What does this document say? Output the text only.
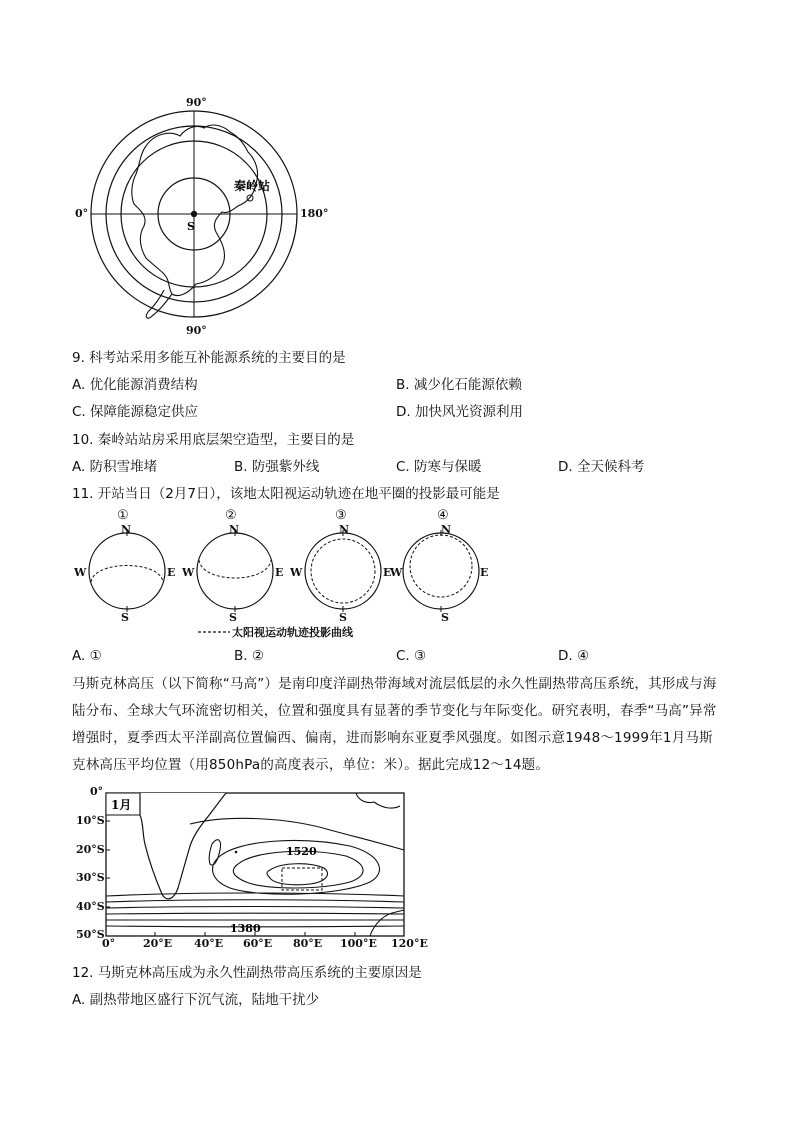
S
秦岭站
90°
90°
0°	180°
9. 科考站采用多能互补能源系统的主要目的是
A. 优化能源消费结构	B. 减少化石能源依赖
C. 保障能源稳定供应	D. 加快风光资源利用
10. 秦岭站站房采用底层架空造型，主要目的是
A. 防积雪堆堵	B. 防强紫外线	C. 防寒与保暖	D. 全天候科考
11. 开站当日（2月7日），该地太阳视运动轨迹在地平圈的投影最可能是
①
N
S
W	E
②
N
S
W	E
③
N
S
W	E
④
N
S
W	E
太阳视运动轨迹投影曲线
A. ①	B. ②	C. ③	D. ④
马斯克林高压（以下简称“马高”）是南印度洋副热带海域对流层低层的永久性副热带高压系统，其形成与海陆分布、全球大气环流密切相关，位置和强度具有显著的季节变化与年际变化。研究表明，春季“马高”异常增强时，夏季西太平洋副高位置偏西、偏南，进而影响东亚夏季风强度。如图示意1948～1999年1月马斯克林高压平均位置（用850hPa的高度表示，单位：米）。据此完成12～14题。
1月
1520
1380
0°
10°S
20°S
30°S
40°S
50°S
0°	20°E 40°E 60°E 80°E 100°E 120°E
12. 马斯克林高压成为永久性副热带高压系统的主要原因是
A. 副热带地区盛行下沉气流，陆地干扰少
